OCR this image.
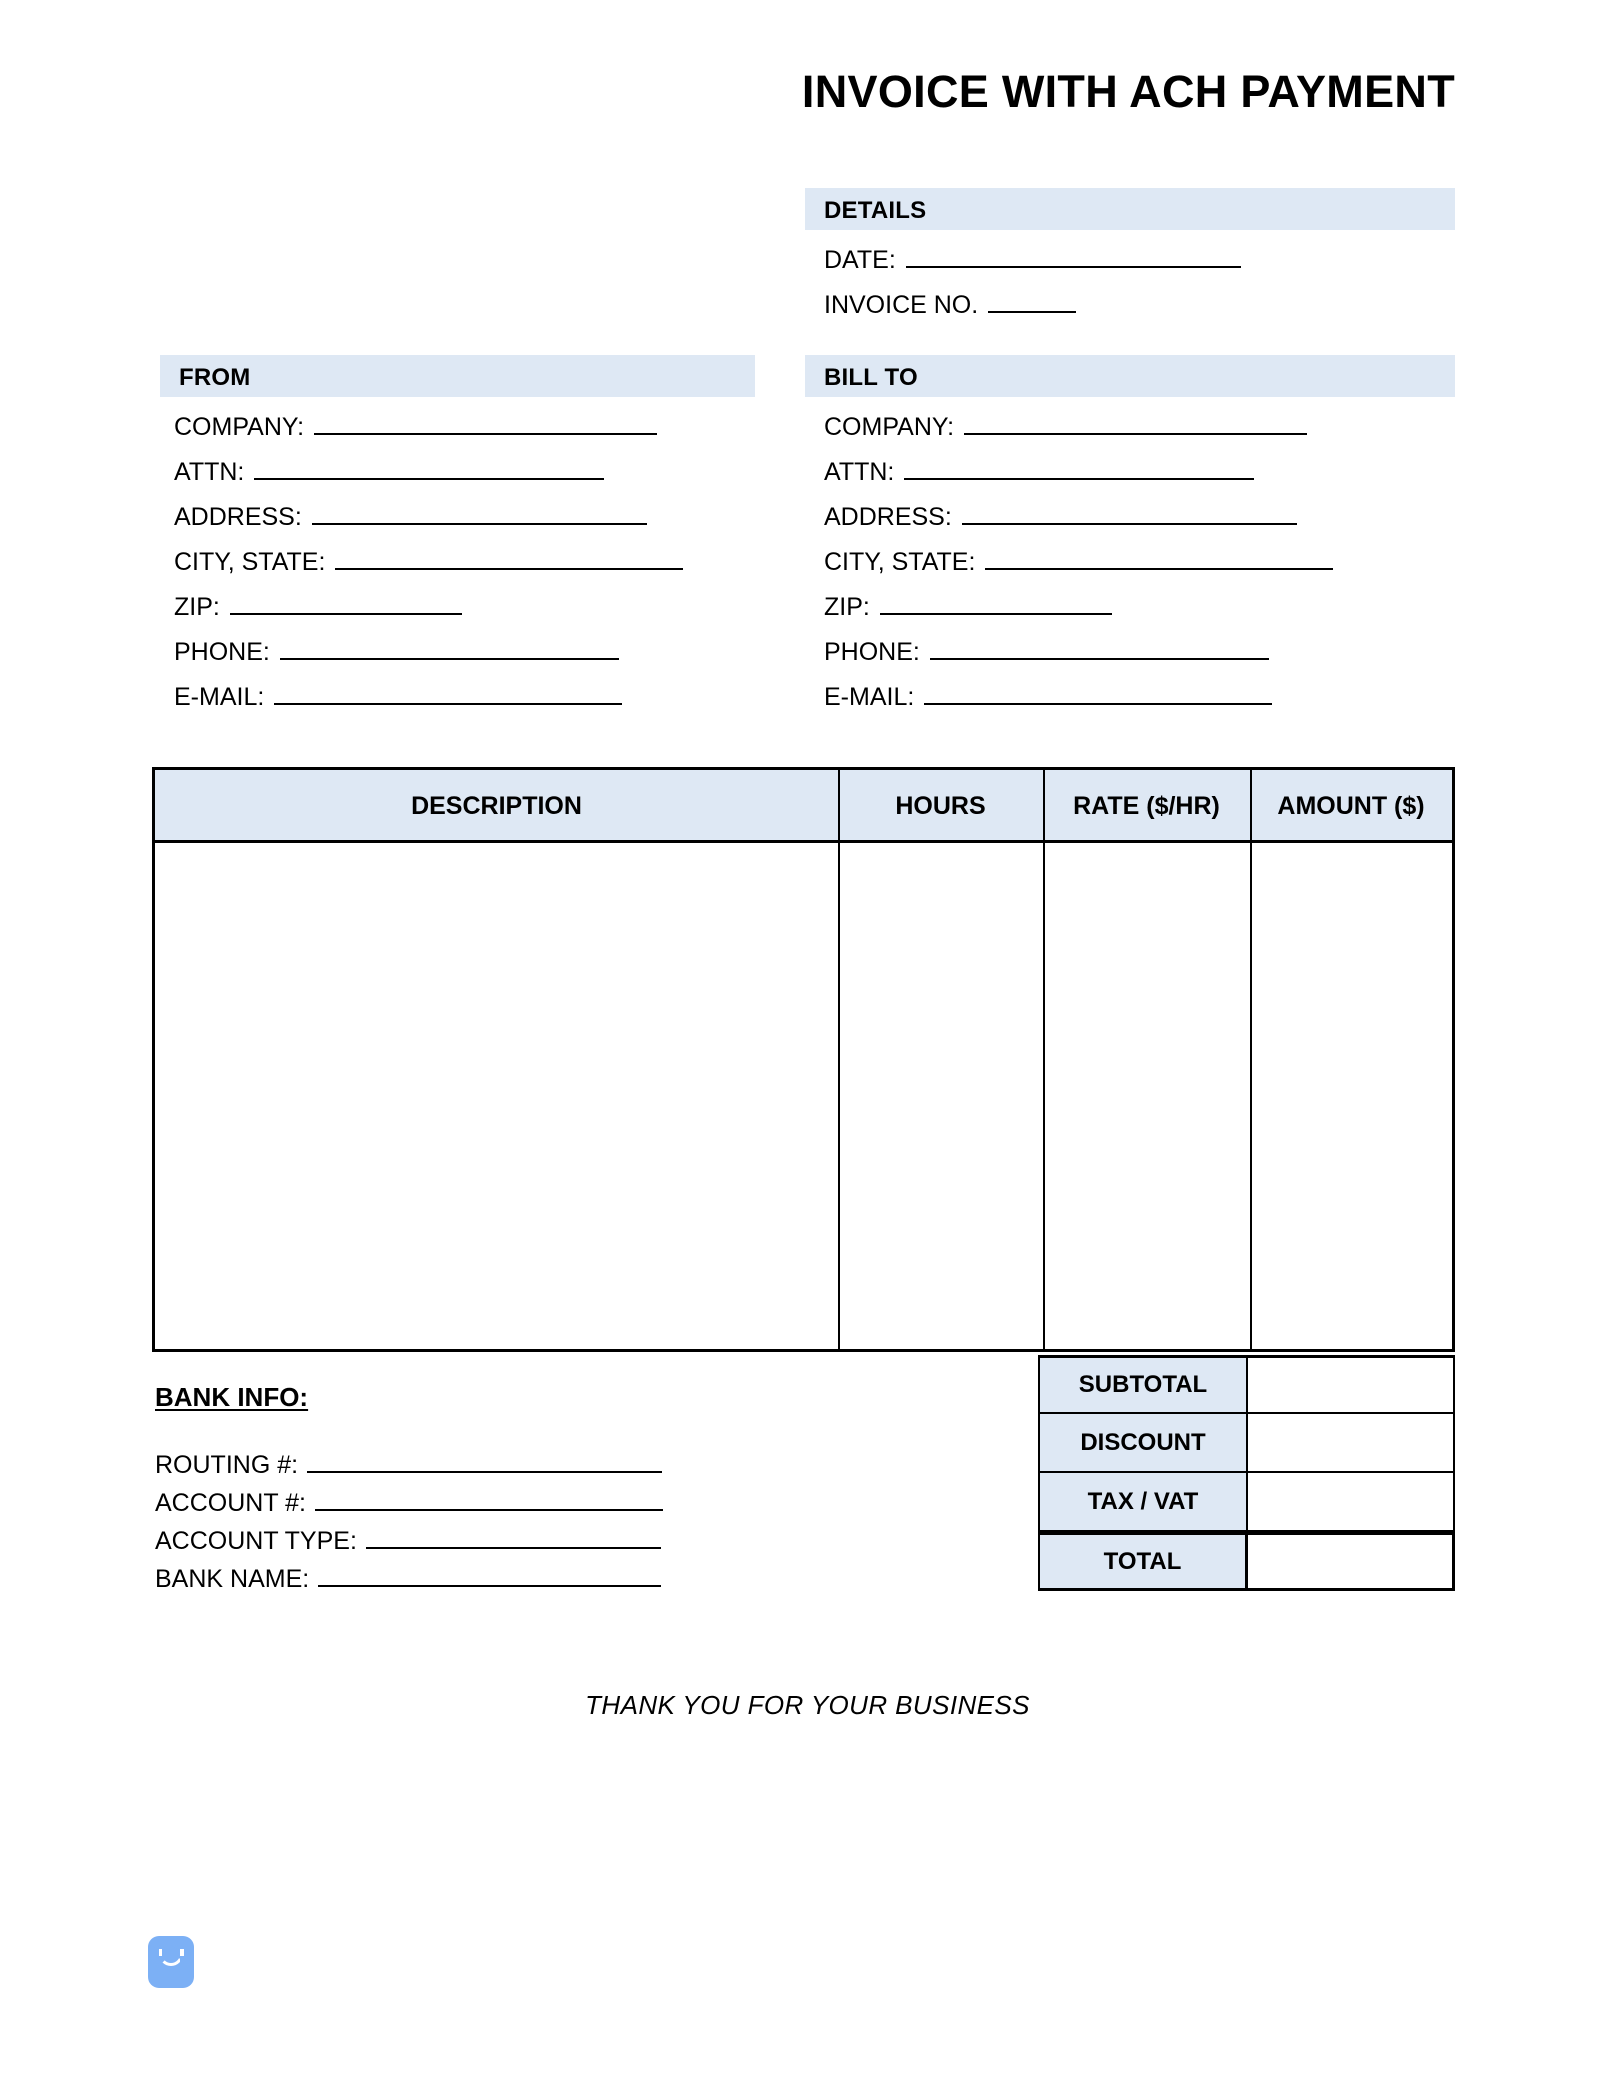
INVOICE WITH ACH PAYMENT
DETAILS
DATE:
INVOICE NO.
FROM
COMPANY:
ATTN:
ADDRESS:
CITY, STATE:
ZIP:
PHONE:
E-MAIL:
BILL TO
COMPANY:
ATTN:
ADDRESS:
CITY, STATE:
ZIP:
PHONE:
E-MAIL:
DESCRIPTION	HOURS	RATE ($/HR)	AMOUNT ($)
BANK INFO:
ROUTING #:
ACCOUNT #:
ACCOUNT TYPE:
BANK NAME:
SUBTOTAL
DISCOUNT
TAX / VAT
TOTAL
THANK YOU FOR YOUR BUSINESS
